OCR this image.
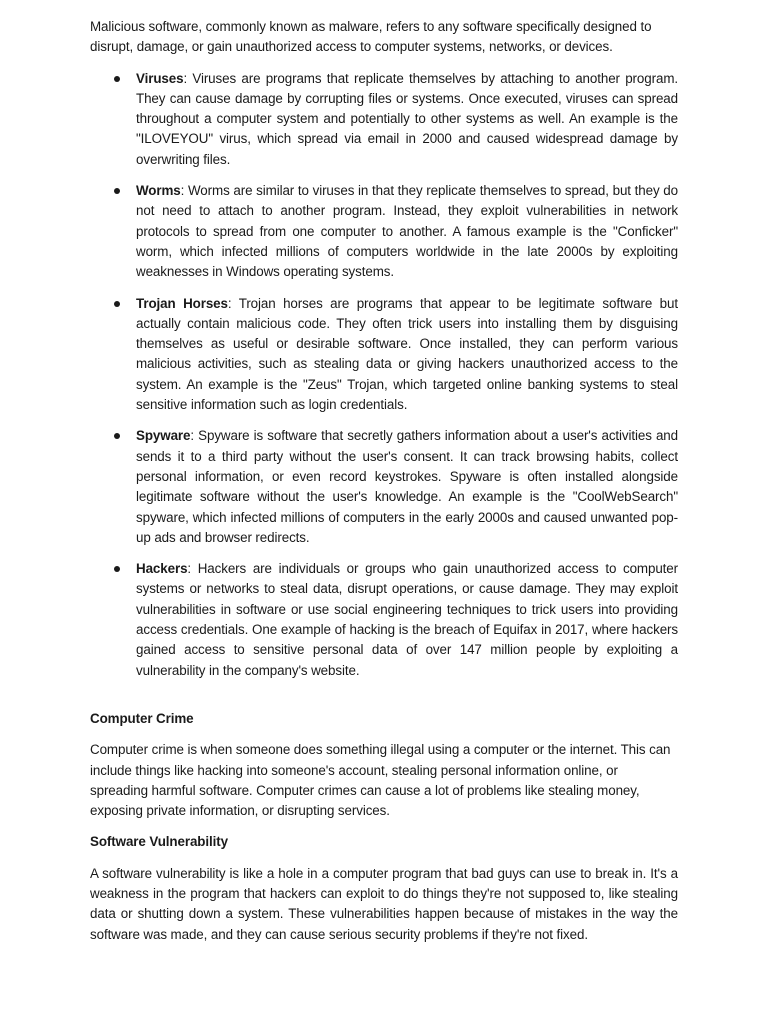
Malicious software, commonly known as malware, refers to any software specifically designed to disrupt, damage, or gain unauthorized access to computer systems, networks, or devices.

Viruses: Viruses are programs that replicate themselves by attaching to another program. They can cause damage by corrupting files or systems. Once executed, viruses can spread throughout a computer system and potentially to other systems as well. An example is the "ILOVEYOU" virus, which spread via email in 2000 and caused widespread damage by overwriting files.
Worms: Worms are similar to viruses in that they replicate themselves to spread, but they do not need to attach to another program. Instead, they exploit vulnerabilities in network protocols to spread from one computer to another. A famous example is the "Conficker" worm, which infected millions of computers worldwide in the late 2000s by exploiting weaknesses in Windows operating systems.
Trojan Horses: Trojan horses are programs that appear to be legitimate software but actually contain malicious code. They often trick users into installing them by disguising themselves as useful or desirable software. Once installed, they can perform various malicious activities, such as stealing data or giving hackers unauthorized access to the system. An example is the "Zeus" Trojan, which targeted online banking systems to steal sensitive information such as login credentials.
Spyware: Spyware is software that secretly gathers information about a user's activities and sends it to a third party without the user's consent. It can track browsing habits, collect personal information, or even record keystrokes. Spyware is often installed alongside legitimate software without the user's knowledge. An example is the "CoolWebSearch" spyware, which infected millions of computers in the early 2000s and caused unwanted pop-up ads and browser redirects.
Hackers: Hackers are individuals or groups who gain unauthorized access to computer systems or networks to steal data, disrupt operations, or cause damage. They may exploit vulnerabilities in software or use social engineering techniques to trick users into providing access credentials. One example of hacking is the breach of Equifax in 2017, where hackers gained access to sensitive personal data of over 147 million people by exploiting a vulnerability in the company's website.

Computer Crime

Computer crime is when someone does something illegal using a computer or the internet. This can include things like hacking into someone's account, stealing personal information online, or spreading harmful software. Computer crimes can cause a lot of problems like stealing money, exposing private information, or disrupting services.

Software Vulnerability

A software vulnerability is like a hole in a computer program that bad guys can use to break in. It's a weakness in the program that hackers can exploit to do things they're not supposed to, like stealing data or shutting down a system. These vulnerabilities happen because of mistakes in the way the software was made, and they can cause serious security problems if they're not fixed.
